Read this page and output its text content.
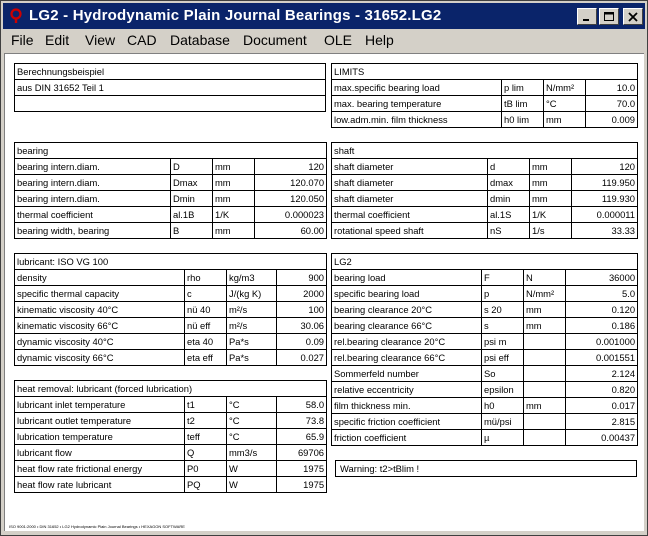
LG2 - Hydrodynamic Plain Journal Bearings - 31652.LG2
File Edit View CAD Database Document OLE Help
Berechnungsbeispiel
aus DIN 31652 Teil 1

LIMITS			
max.specific bearing load	p lim	N/mm²	10.0
max. bearing temperature	tB lim	°C	70.0
low.adm.min. film thickness	h0 lim	mm	0.009
bearing			
bearing intern.diam.	D	mm	120
bearing intern.diam.	Dmax	mm	120.070
bearing intern.diam.	Dmin	mm	120.050
thermal coefficient	al.1B	1/K	0.000023
bearing width, bearing	B	mm	60.00
shaft			
shaft diameter	d	mm	120
shaft diameter	dmax	mm	119.950
shaft diameter	dmin	mm	119.930
thermal coefficient	al.1S	1/K	0.000011
rotational speed shaft	nS	1/s	33.33
lubricant: ISO VG 100			
density	rho	kg/m3	900
specific thermal capacity	c	J/(kg K)	2000
kinematic viscosity 40°C	nü 40	m²/s	100
kinematic viscosity 66°C	nü eff	m²/s	30.06
dynamic viscosity 40°C	eta 40	Pa*s	0.09
dynamic viscosity 66°C	eta eff	Pa*s	0.027
LG2			
bearing load	F	N	36000
specific bearing load	p	N/mm²	5.0
bearing clearance 20°C	s 20	mm	0.120
bearing clearance 66°C	s	mm	0.186
rel.bearing clearance 20°C	psi m		0.001000
rel.bearing clearance 66°C	psi eff		0.001551
Sommerfeld number	So		2.124
relative eccentricity	epsilon		0.820
film thickness min.	h0	mm	0.017
specific friction coefficient	mü/psi		2.815
friction coefficient	µ		0.00437
heat removal: lubricant (forced lubrication)			
lubricant inlet temperature	t1	°C	58.0
lubricant outlet temperature	t2	°C	73.8
lubrication temperature	teff	°C	65.9
lubricant flow	Q	mm3/s	69706
heat flow rate frictional energy	P0	W	1975
heat flow rate lubricant	PQ	W	1975
Warning: t2>tBlim !
ISO 9001:2000 • DIN 31652 • LG2 Hydrodynamic Plain Journal Bearings • HEXAGON SOFTWARE
